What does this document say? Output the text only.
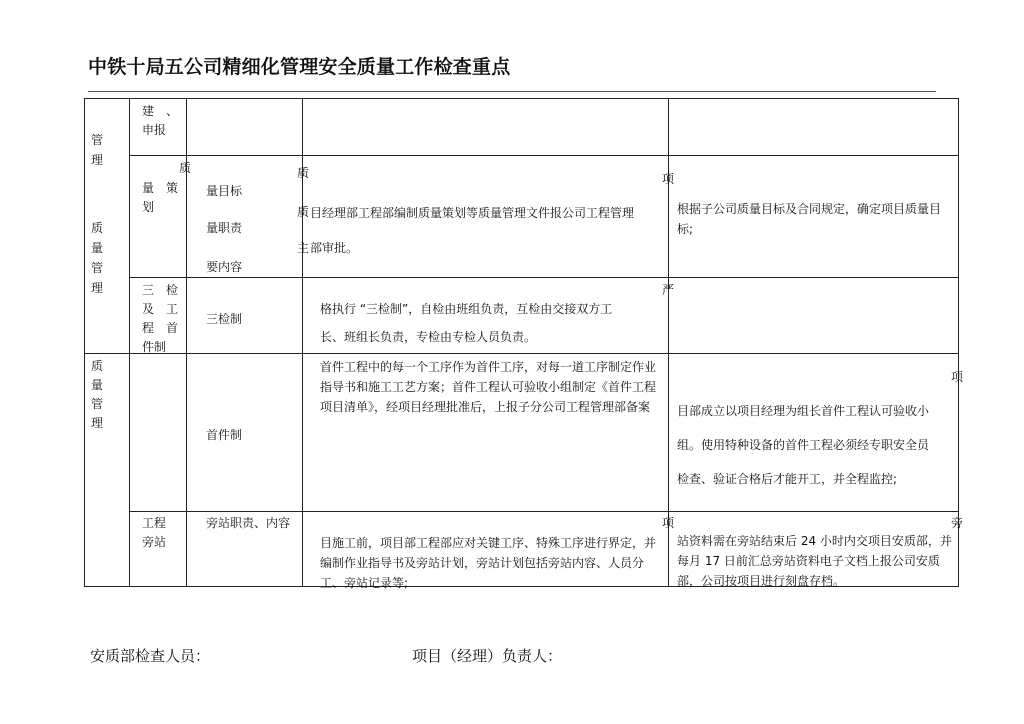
中铁十局五公司精细化管理安全质量工作检查重点
管
理
建　、
申报
质
量
管
理
质
量　策
划
量目标
量职责
要内容
质
质 目经理部工程部编制质量策划等质量管理文件报公司工程管理
主 部审批。
项
根据子公司质量目标及合同规定，确定项目质量目标;
三　检
及　工
程　首
件制
三检制
严
格执行 “三检制”，自检由班组负责，互检由交接双方工
长、班组长负责，专检由专检人员负责。
质
量
管
理
首件制
首件工程中的每一个工序作为首件工序，对每一道工序制定作业指导书和施工工艺方案；首件工程认可验收小组制定《首件工程项目清单》，经项目经理批准后，上报子分公司工程管理部备案
项
目部成立以项目经理为组长首件工程认可验收小
组。使用特种设备的首件工程必须经专职安全员
检查、验证合格后才能开工，并全程监控;
工程
旁站
旁站职责、内容	项
目施工前，项目部工程部应对关键工序、特殊工序进行界定，并编制作业指导书及旁站计划，旁站计划包括旁站内容、人员分工、旁站记录等;
旁
站资料需在旁站结束后 24 小时内交项目安质部，并每月 17 日前汇总旁站资料电子文档上报公司安质部，公司按项目进行刻盘存档。
安质部检查人员：	项目（经理）负责人：
